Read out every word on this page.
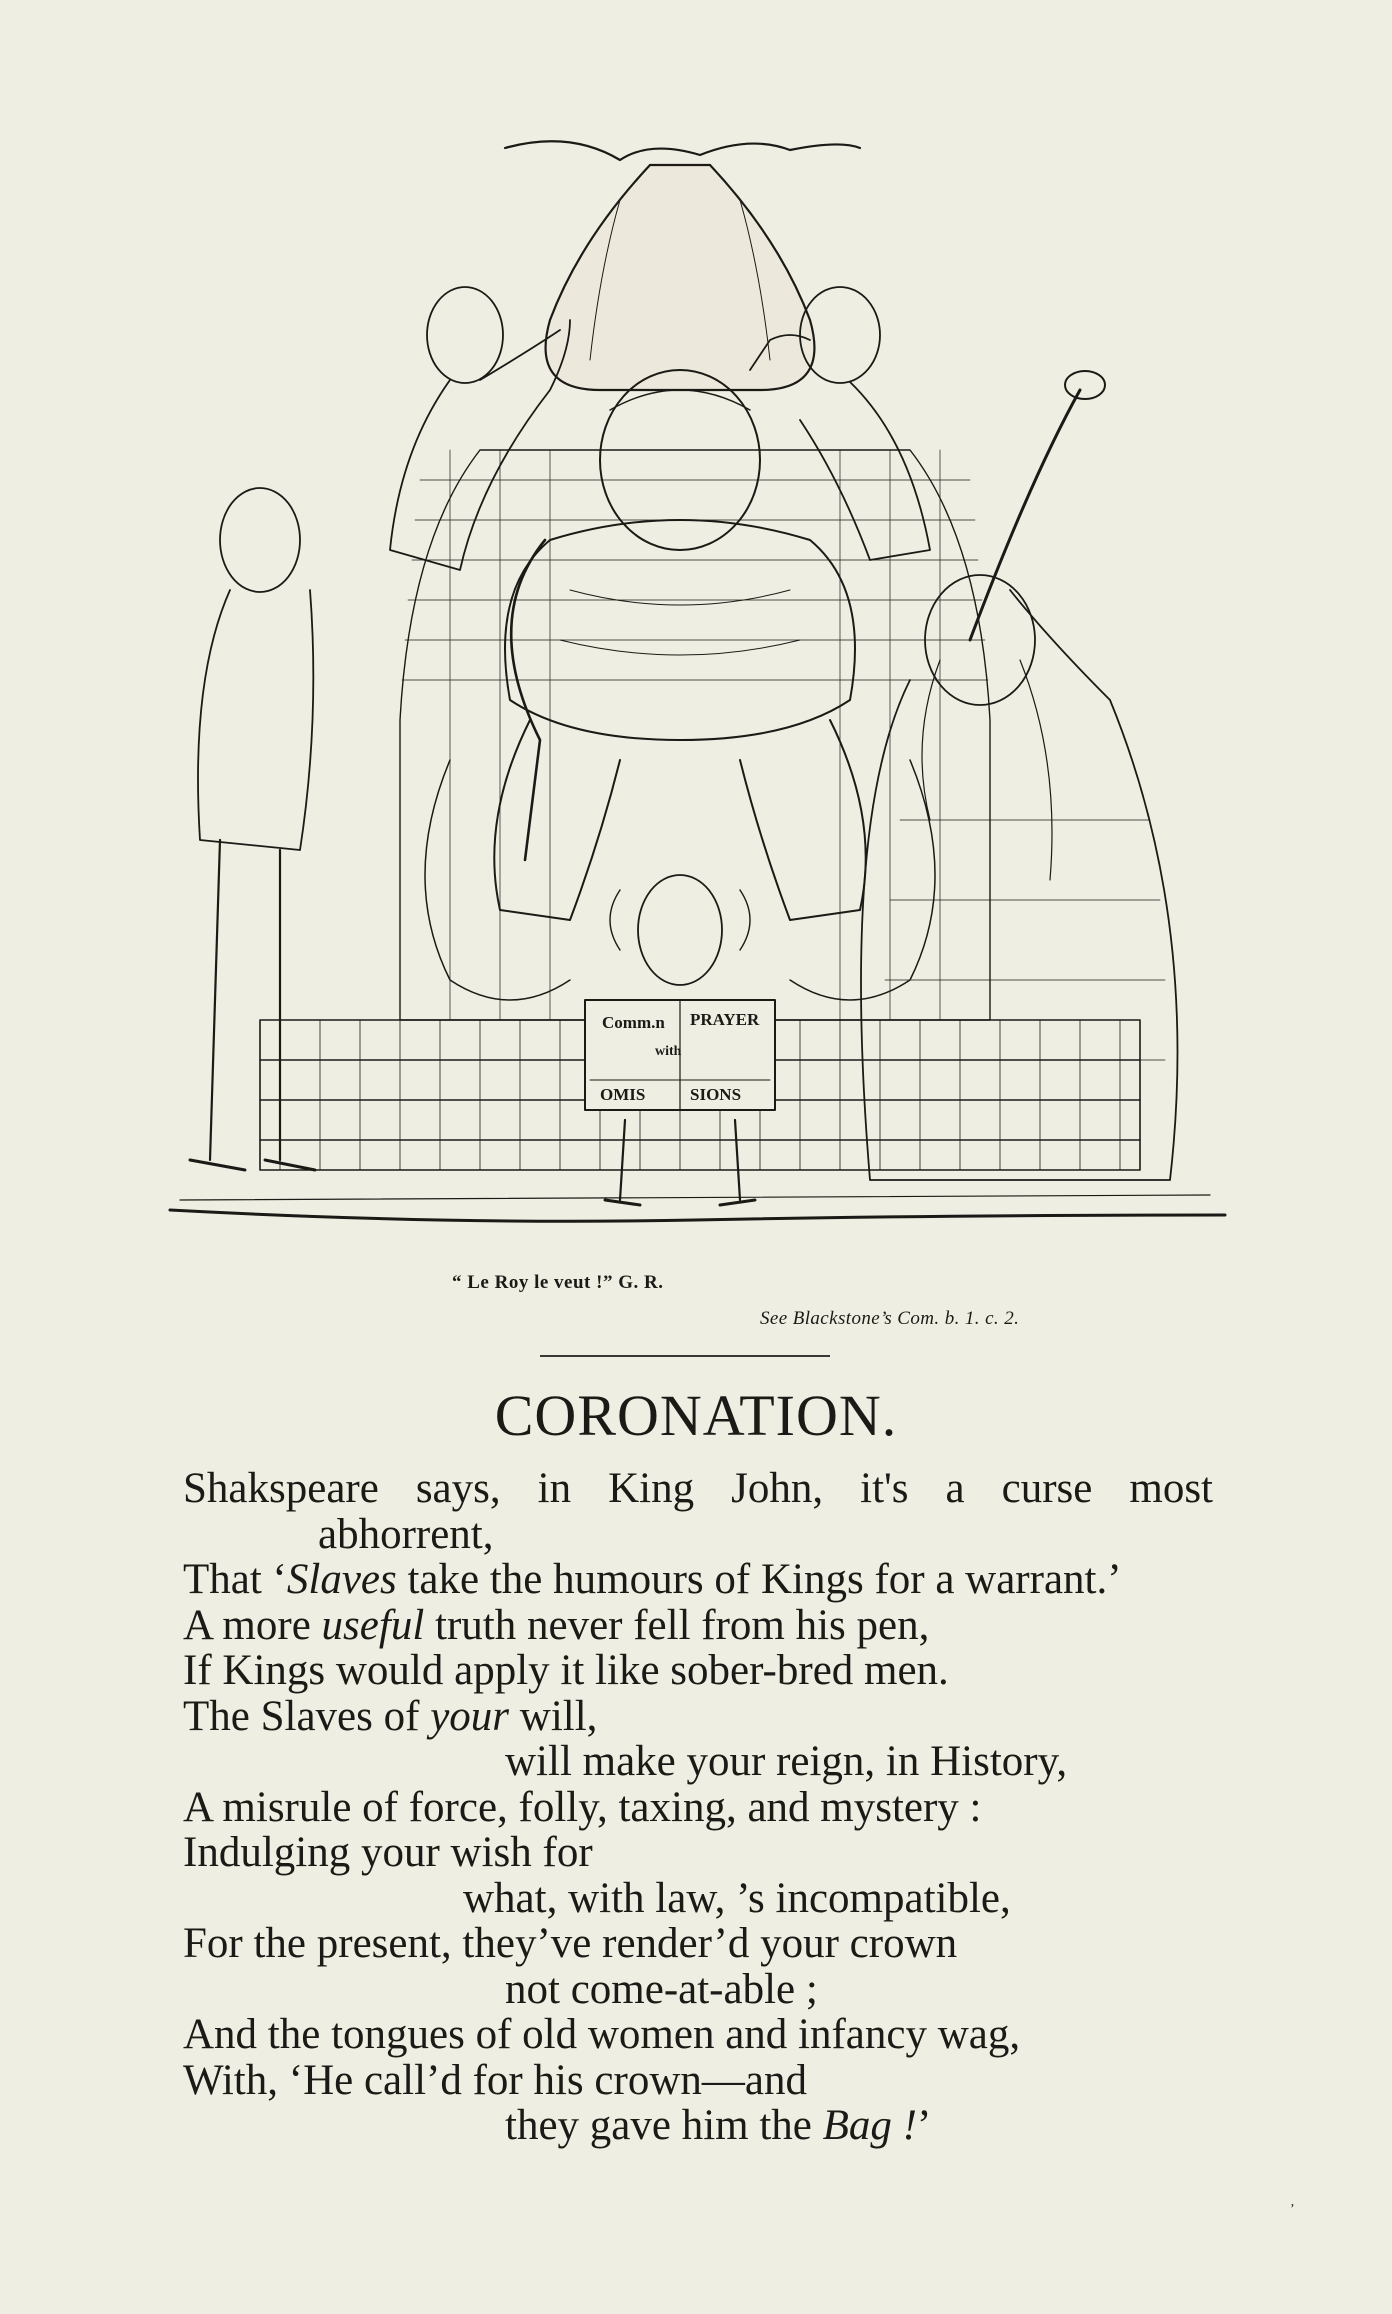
Comm.n PRAYER
with
OMIS	SIONS
“ Le Roy le veut !” G. R.
See Blackstone’s Com. b. 1. c. 2.
CORONATION.
Shakspeare says, in King John, it's a curse most
abhorrent,
That ‘Slaves take the humours of Kings for a warrant.’
A more useful truth never fell from his pen,
If Kings would apply it like sober-bred men.
The Slaves of your will,
will make your reign, in History,
A misrule of force, folly, taxing, and mystery :
Indulging your wish for
what, with law, ’s incompatible,
For the present, they’ve render’d your crown
not come-at-able ;
And the tongues of old women and infancy wag,
With, ‘He call’d for his crown—and
they gave him the Bag !’
ʼ
